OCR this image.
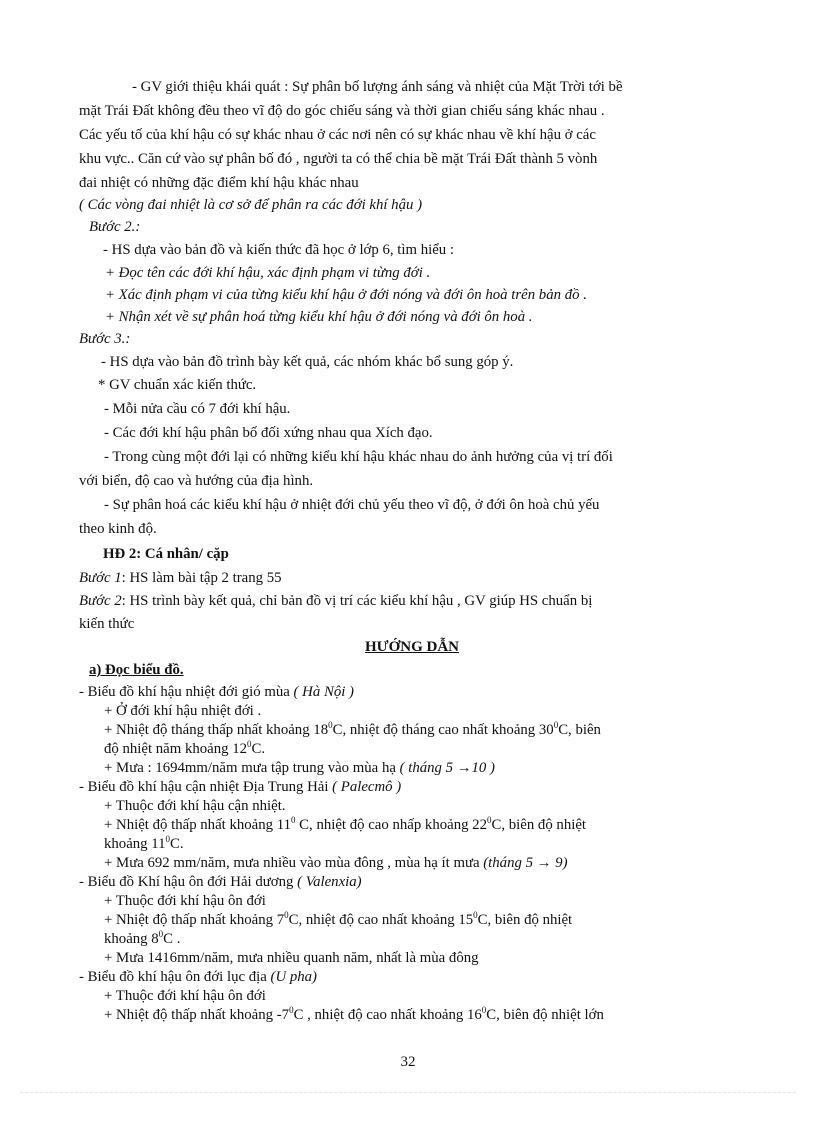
- GV giới thiệu khái quát : Sự phân bố lượng ánh sáng và nhiệt của Mặt Trời tới bề
mặt Trái Đất không đều theo vĩ độ do góc chiếu sáng và thời gian chiếu sáng khác nhau .
Các yếu tố của khí hậu có sự khác nhau ở các nơi nên có sự khác nhau về khí hậu ở các
khu vực.. Căn cứ vào sự phân bố đó , người ta có thể chia bề mặt Trái Đất thành 5 vònh
đai nhiệt có những đặc điểm khí hậu khác nhau
( Các vòng đai nhiệt là cơ sở để phân ra các đới khí hậu )
Bước 2.:
- HS dựa vào bản đồ và kiến thức đã học ở lớp 6, tìm hiểu :
+ Đọc tên các đới khí hậu, xác định phạm vi từng đới .
+ Xác định phạm vi của từng kiểu khí hậu ở đới nóng và đới ôn hoà trên bản đồ .
+ Nhận xét về sự phân hoá từng kiểu khí hậu ở đới nóng và đới ôn hoà .
Bước 3.:
- HS dựa vào bản đồ trình bày kết quả, các nhóm khác bổ sung góp ý.
* GV chuẩn xác kiến thức.
- Mỗi nửa cầu có 7 đới khí hậu.
- Các đới khí hậu phân bố đối xứng nhau qua Xích đạo.
- Trong cùng một đới lại có những kiểu khí hậu khác nhau do ảnh hưởng của vị trí đối
với biển, độ cao và hướng của địa hình.
- Sự phân hoá các kiểu khí hậu ở nhiệt đới chủ yếu theo vĩ độ, ở đới ôn hoà chủ yếu
theo kinh độ.
HĐ 2: Cá nhân/ cặp
Bước 1: HS làm bài tập 2 trang 55
Bước 2: HS trình bày kết quả, chỉ bản đồ vị trí các kiểu khí hậu , GV giúp HS chuẩn bị
kiến thức
HƯỚNG DẪN
a) Đọc biểu đồ.
- Biểu đồ khí hậu nhiệt đới gió mùa ( Hà Nội )
+ Ở đới khí hậu nhiệt đới .
+ Nhiệt độ tháng thấp nhất khoảng $18^0C$, nhiệt độ tháng cao nhất khoảng $30^0C$, biên
độ nhiệt năm khoảng $12^0C$.
+ Mưa : 1694mm/năm mưa tập trung vào mùa hạ ( tháng 5 →10 )
- Biểu đồ khí hậu cận nhiệt Địa Trung Hải ( Palecmô )
+ Thuộc đới khí hậu cận nhiệt.
+ Nhiệt độ thấp nhất khoảng $11^0$ C, nhiệt độ cao nhấp khoảng $22^0C$, biên độ nhiệt
khoảng $11^0C$.
+ Mưa 692 mm/năm, mưa nhiều vào mùa đông , mùa hạ ít mưa (tháng 5 → 9)
- Biểu đồ Khí hậu ôn đới Hải dương ( Valenxia)
+ Thuộc đới khí hậu ôn đới
+ Nhiệt độ thấp nhất khoảng $7^0C$, nhiệt độ cao nhất khoảng $15^0C$, biên độ nhiệt
khoảng $8^0C$ .
+ Mưa 1416mm/năm, mưa nhiều quanh năm, nhất là mùa đông
32
- Biểu đồ khí hậu ôn đới lục địa (U pha)
+ Thuộc đới khí hậu ôn đới
+ Nhiệt độ thấp nhất khoảng $-7^0C$ , nhiệt độ cao nhất khoảng $16^0C$, biên độ nhiệt lớn
